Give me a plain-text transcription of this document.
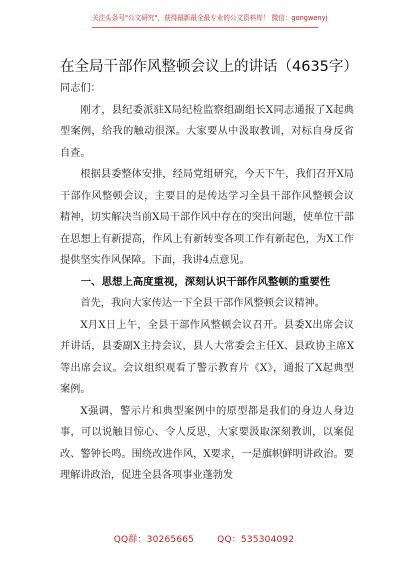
关注头条号"公文研究"，获得最新最全最专业的公文资料库！ 微信：gongwenyj
在全局干部作风整顿会议上的讲话（4635字）

同志们：

刚才，县纪委派驻X局纪检监察组副组长X同志通报了X起典型案例，给我的触动很深。大家要从中汲取教训，对标自身反省自查。

根据县委整体安排，经局党组研究，今天下午，我们召开X局干部作风整顿会议，主要目的是传达学习全县干部作风整顿会议精神，切实解决当前X局干部作风中存在的突出问题，使单位干部在思想上有新提高，作风上有新转变各项工作有新起色，为X工作提供坚实作风保障。下面，我讲4点意见。

一、思想上高度重视，深刻认识干部作风整顿的重要性

首先，我向大家传达一下全县干部作风整顿会议精神。

X月X日上午，全县干部作风整顿会议召开。县委X出席会议并讲话，县委副X主持会议，县人大常委会主任X、县政协主席X等出席会议。会议组织观看了警示教育片《X》，通报了X起典型案例。

X强调，警示片和典型案例中的原型都是我们的身边人身边事，可以说触目惊心、令人反思，大家要汲取深刻教训，以案促改、警钟长鸣。围绕改进作风，X要求，一是旗帜鲜明讲政治。要理解讲政治，促进全县各项事业蓬勃发

QQ群：30265665	QQ：535304092
